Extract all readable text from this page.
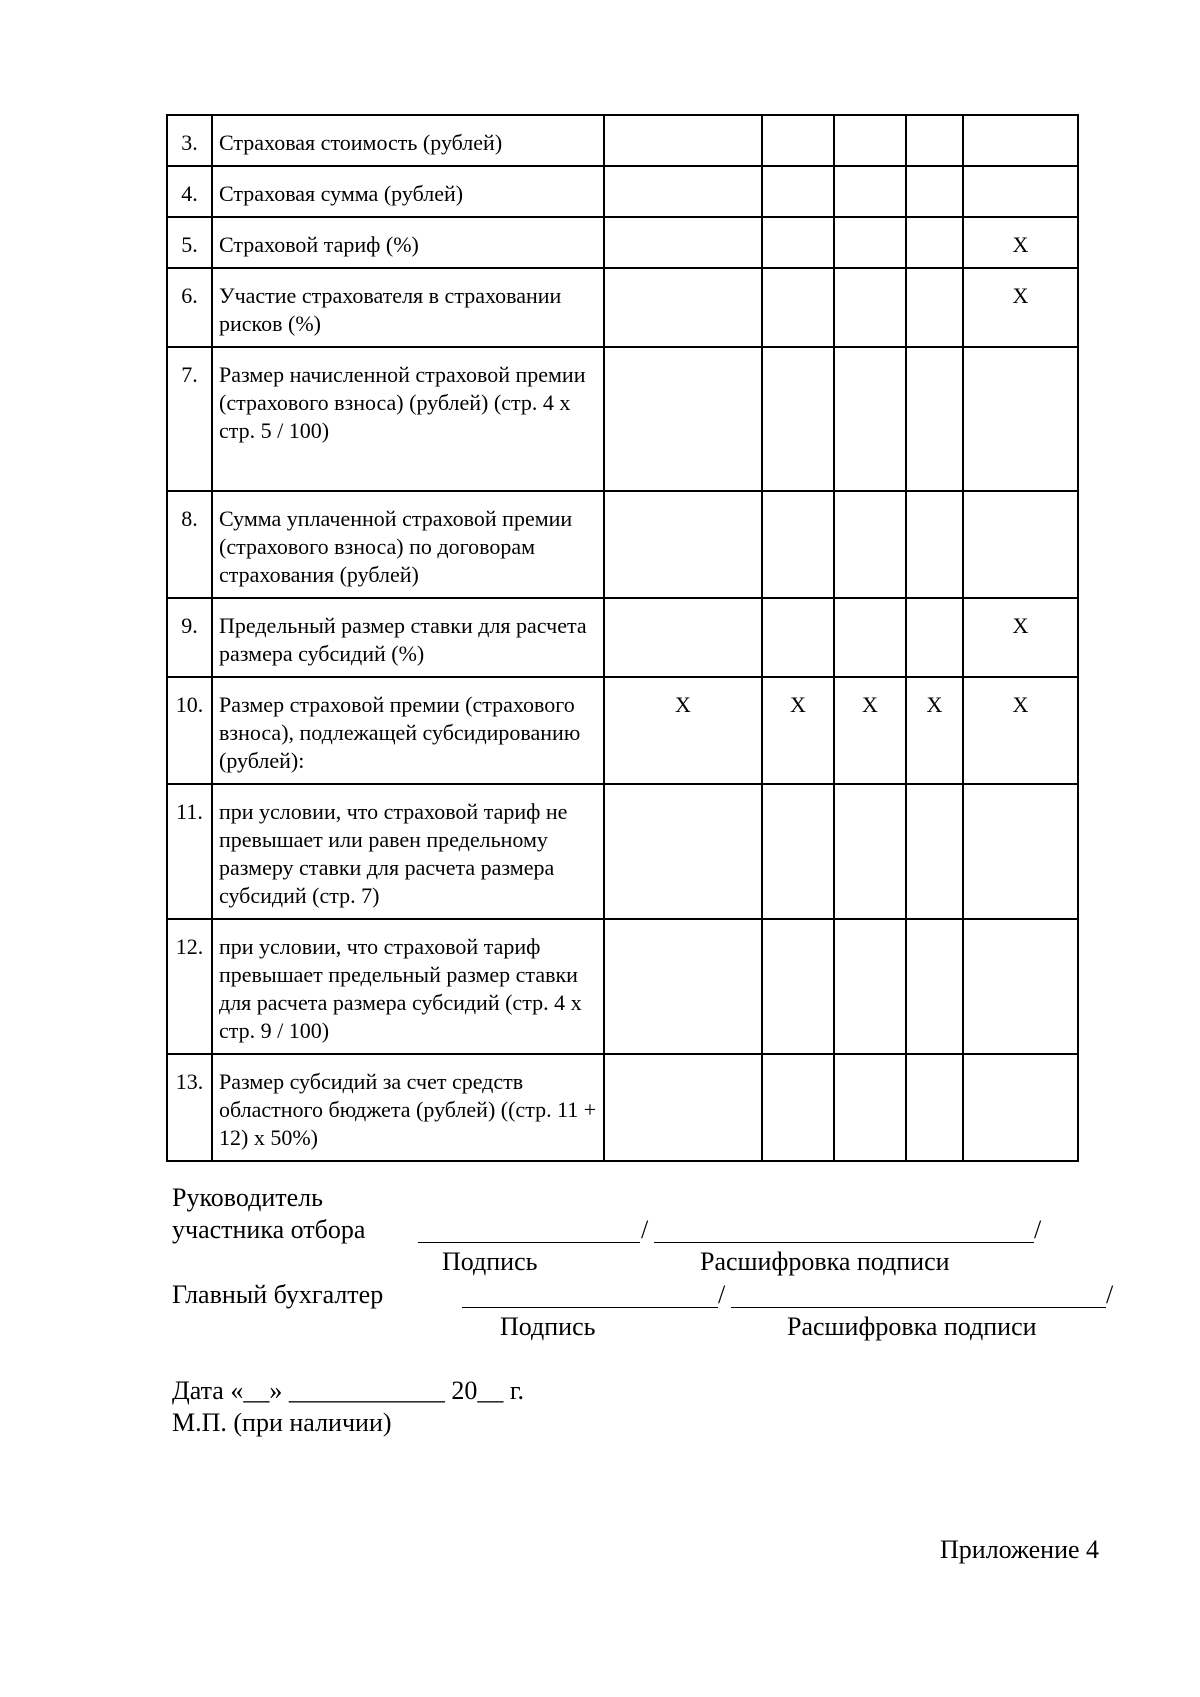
3.	Страховая стоимость (рублей)					
4.	Страховая сумма (рублей)					
5.	Страховой тариф (%)					X
6.	Участие страхователя в страховании рисков (%)					X
7.	Размер начисленной страховой премии (страхового взноса) (рублей) (стр. 4 х стр. 5 / 100)					
8.	Сумма уплаченной страховой премии (страхового взноса) по договорам страхования (рублей)					
9.	Предельный размер ставки для расчета размера субсидий (%)					X
10.	Размер страховой премии (страхового взноса), подлежащей субсидированию (рублей):	X	X	X	X	X
11.	при условии, что страховой тариф не превышает или равен предельному размеру ставки для расчета размера субсидий (стр. 7)					
12.	при условии, что страховой тариф превышает предельный размер ставки для расчета размера субсидий (стр. 4 х стр. 9 / 100)					
13.	Размер субсидий за счет средств областного бюджета (рублей) ((стр. 11 + 12) х 50%)					
Руководитель
участника отбора	/	/
Подпись	Расшифровка подписи
Главный бухгалтер	/	/
Подпись	Расшифровка подписи
Дата «__» ____________ 20__ г.
М.П. (при наличии)
Приложение 4
